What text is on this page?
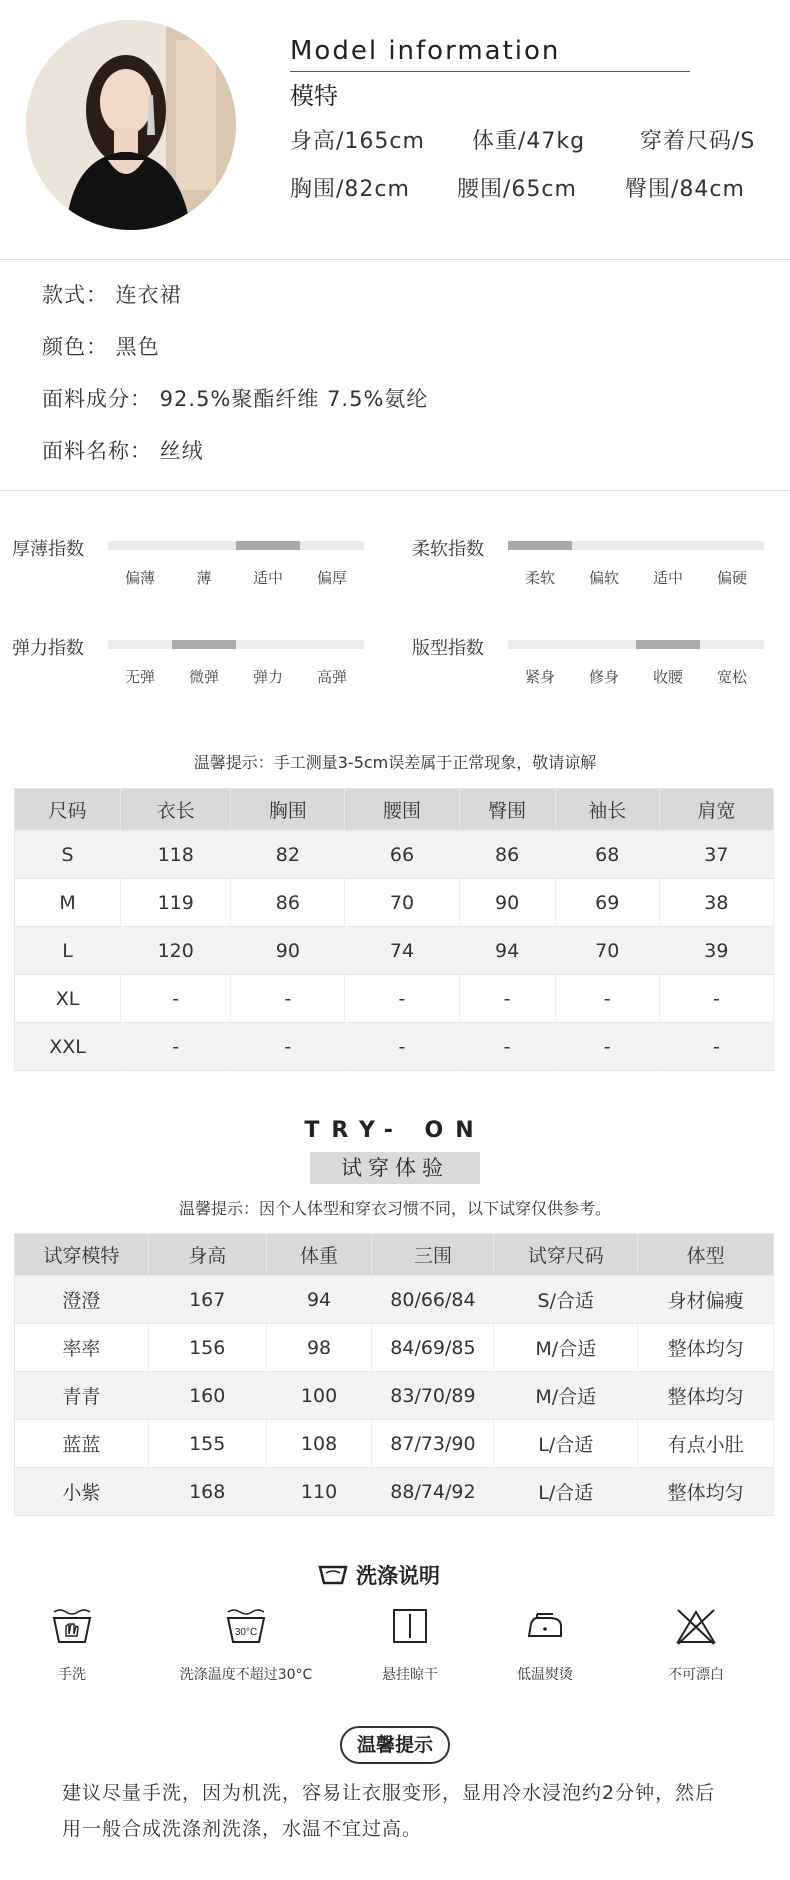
Model information
模特
身高/165cm 体重/47kg 穿着尺码/S
胸围/82cm 腰围/65cm 臀围/84cm
款式： 连衣裙
颜色： 黑色
面料成分： 92.5%聚酯纤维 7.5%氨纶
面料名称： 丝绒
厚薄指数
偏薄	薄	适中	偏厚
柔软指数
柔软	偏软	适中	偏硬
弹力指数
无弹	微弹	弹力	高弹
版型指数
紧身	修身	收腰	宽松
温馨提示：手工测量3-5cm误差属于正常现象，敬请谅解
尺码	衣长	胸围	腰围	臀围	袖长	肩宽
S	118	82	66	86	68	37
M	119	86	70	90	69	38
L	120	90	74	94	70	39
XL	-	-	-	-	-	-
XXL	-	-	-	-	-	-
TRY- ON
试穿体验
温馨提示：因个人体型和穿衣习惯不同，以下试穿仅供参考。
试穿模特	身高	体重	三围	试穿尺码	体型
澄澄	167	94	80/66/84	S/合适	身材偏瘦
率率	156	98	84/69/85	M/合适	整体均匀
青青	160	100	83/70/89	M/合适	整体均匀
蓝蓝	155	108	87/73/90	L/合适	有点小肚
小紫	168	110	88/74/92	L/合适	整体均匀
洗涤说明
手洗
30°C
洗涤温度不超过30°C	悬挂晾干	低温熨烫	不可漂白
温馨提示
建议尽量手洗，因为机洗，容易让衣服变形，显用冷水浸泡约2分钟，然后
用一般合成洗涤剂洗涤，水温不宜过高。
